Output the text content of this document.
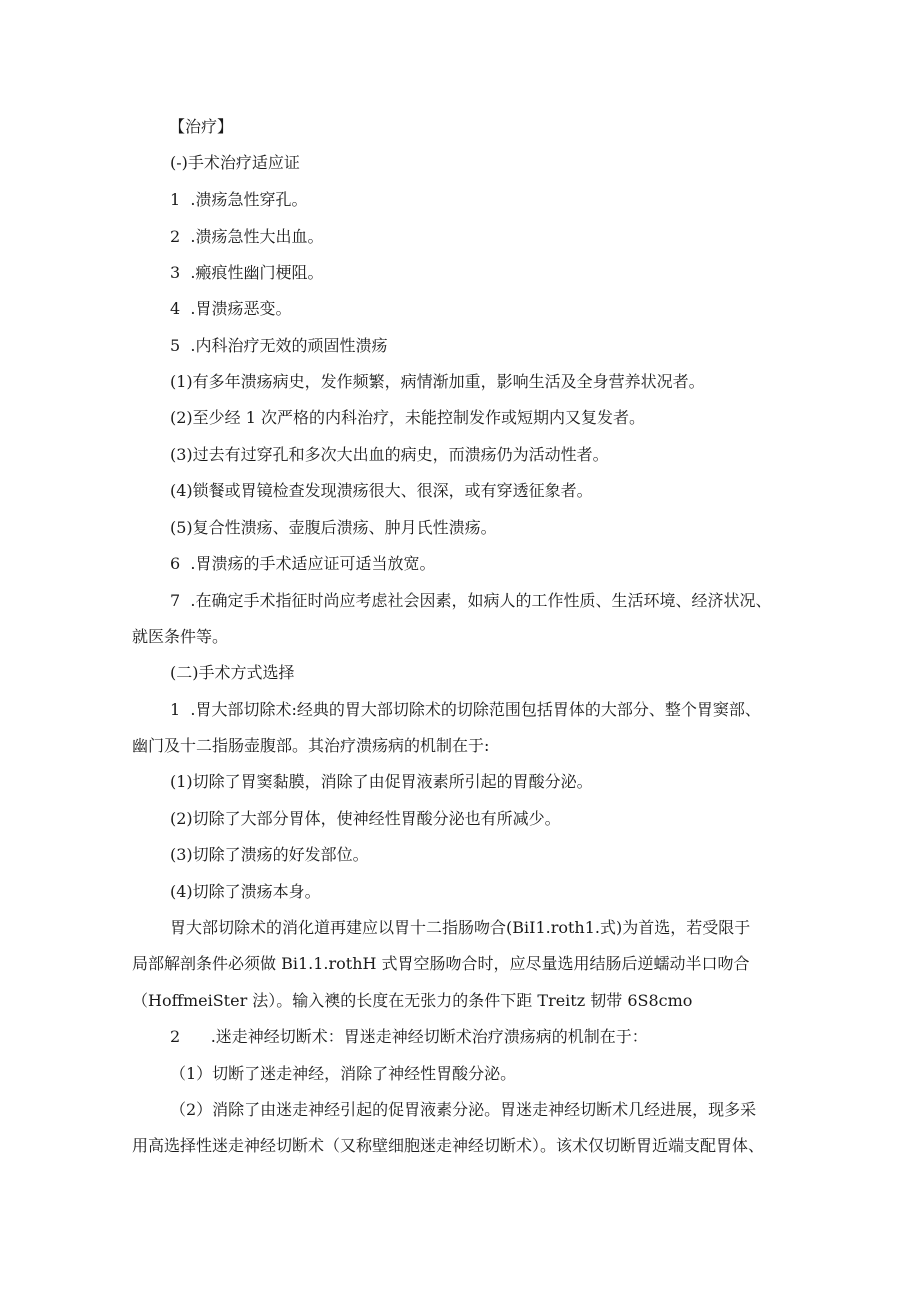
【治疗】
(-)手术治疗适应证
1  .溃疡急性穿孔。
2  .溃疡急性大出血。
3  .瘢痕性幽门梗阻。
4  .胃溃疡恶变。
5  .内科治疗无效的顽固性溃疡
(1)有多年溃疡病史，发作频繁，病情渐加重，影响生活及全身营养状况者。
(2)至少经 1 次严格的内科治疗，未能控制发作或短期内又复发者。
(3)过去有过穿孔和多次大出血的病史，而溃疡仍为活动性者。
(4)锁餐或胃镜检查发现溃疡很大、很深，或有穿透征象者。
(5)复合性溃疡、壶腹后溃疡、肿月氏性溃疡。
6  .胃溃疡的手术适应证可适当放宽。
7  .在确定手术指征时尚应考虑社会因素，如病人的工作性质、生活环境、经济状况、
就医条件等。
(二)手术方式选择
1  .胃大部切除术:经典的胃大部切除术的切除范围包括胃体的大部分、整个胃窦部、
幽门及十二指肠壶腹部。其治疗溃疡病的机制在于:
(1)切除了胃窦黏膜，消除了由促胃液素所引起的胃酸分泌。
(2)切除了大部分胃体，使神经性胃酸分泌也有所减少。
(3)切除了溃疡的好发部位。
(4)切除了溃疡本身。
胃大部切除术的消化道再建应以胃十二指肠吻合(BiI1.roth1.式)为首选，若受限于
局部解剖条件必须做 Bi1.1.rothH 式胃空肠吻合时，应尽量选用结肠后逆蠕动半口吻合
（HoffmeiSter 法）。输入襖的长度在无张力的条件下距 Treitz 韧带 6S8cmo
2      .迷走神经切断术：胃迷走神经切断术治疗溃疡病的机制在于：
（1）切断了迷走神经，消除了神经性胃酸分泌。
（2）消除了由迷走神经引起的促胃液素分泌。胃迷走神经切断术几经进展，现多采
用高选择性迷走神经切断术（又称壁细胞迷走神经切断术）。该术仅切断胃近端支配胃体、
